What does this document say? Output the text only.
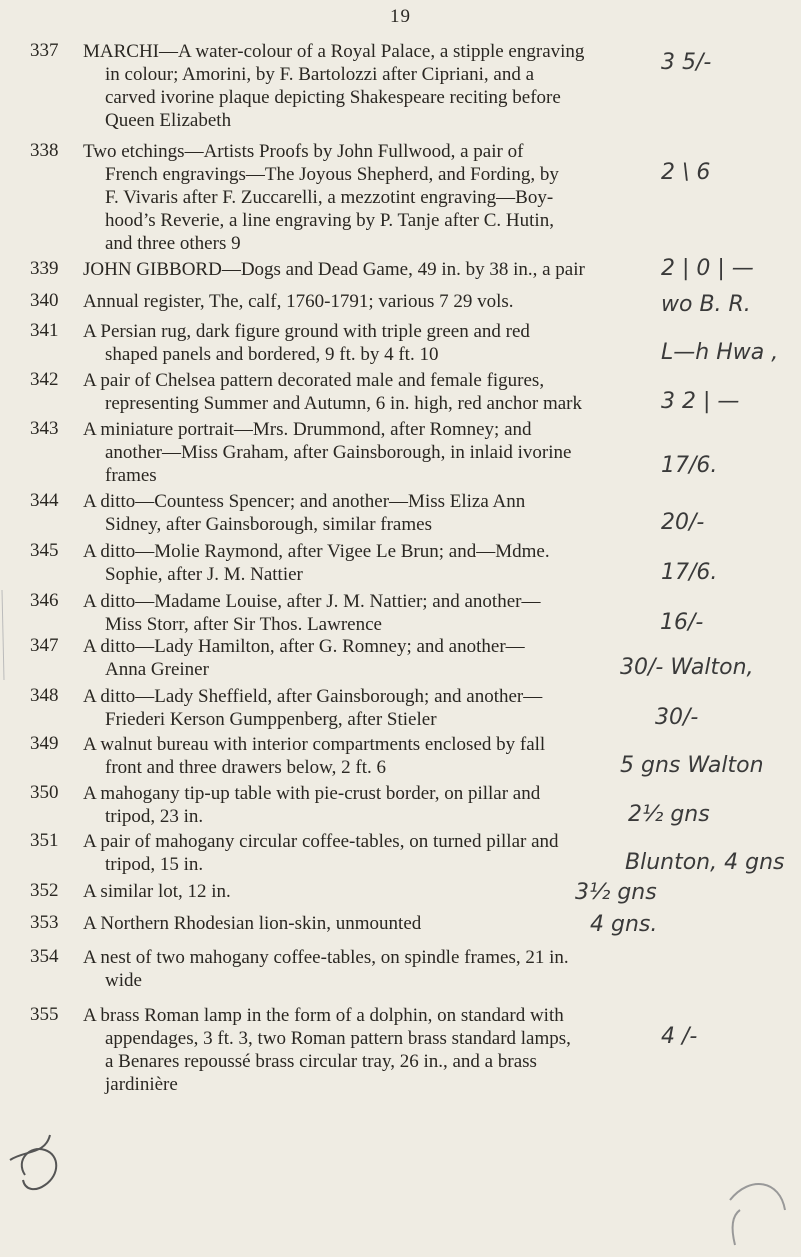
19
337	MARCHI—A water-colour of a Royal Palace, a stipple engraving
in colour; Amorini, by F. Bartolozzi after Cipriani, and a
carved ivorine plaque depicting Shakespeare reciting before
Queen Elizabeth
3 5/-
338	Two etchings—Artists Proofs by John Fullwood, a pair of
French engravings—The Joyous Shepherd, and Fording, by
F. Vivaris after F. Zuccarelli, a mezzotint engraving—Boy-
hood’s Reverie, a line engraving by P. Tanje after C. Hutin,
and three others 9
2 \ 6
339	JOHN GIBBORD—Dogs and Dead Game, 49 in. by 38 in., a pair	2 | 0 | —
340	Annual register, The, calf, 1760-1791; various 7 29 vols.	wo B. R.
341	A Persian rug, dark figure ground with triple green and red
shaped panels and bordered, 9 ft. by 4 ft. 10	L—h Hwa ,
342	A pair of Chelsea pattern decorated male and female figures,
representing Summer and Autumn, 6 in. high, red anchor mark	3 2 | —
343	A miniature portrait—Mrs. Drummond, after Romney; and
another—Miss Graham, after Gainsborough, in inlaid ivorine
frames	17/6.
344	A ditto—Countess Spencer; and another—Miss Eliza Ann
Sidney, after Gainsborough, similar frames	20/-
345	A ditto—Molie Raymond, after Vigee Le Brun; and—Mdme.
Sophie, after J. M. Nattier	17/6.
346	A ditto—Madame Louise, after J. M. Nattier; and another—
Miss Storr, after Sir Thos. Lawrence	16/-
347	A ditto—Lady Hamilton, after G. Romney; and another—
Anna Greiner	30/- Walton,
348	A ditto—Lady Sheffield, after Gainsborough; and another—
Friederi Kerson Gumppenberg, after Stieler	30/-
349	A walnut bureau with interior compartments enclosed by fall
front and three drawers below, 2 ft. 6	5 gns Walton
350	A mahogany tip-up table with pie-crust border, on pillar and
tripod, 23 in.	2½ gns
351	A pair of mahogany circular coffee-tables, on turned pillar and
tripod, 15 in.	Blunton, 4 gns
352	A similar lot, 12 in.	3½ gns
353	A Northern Rhodesian lion-skin, unmounted	4 gns.
354	A nest of two mahogany coffee-tables, on spindle frames, 21 in.
wide
355	A brass Roman lamp in the form of a dolphin, on standard with
appendages, 3 ft. 3, two Roman pattern brass standard lamps,
a Benares repoussé brass circular tray, 26 in., and a brass
jardinière
4 /-
